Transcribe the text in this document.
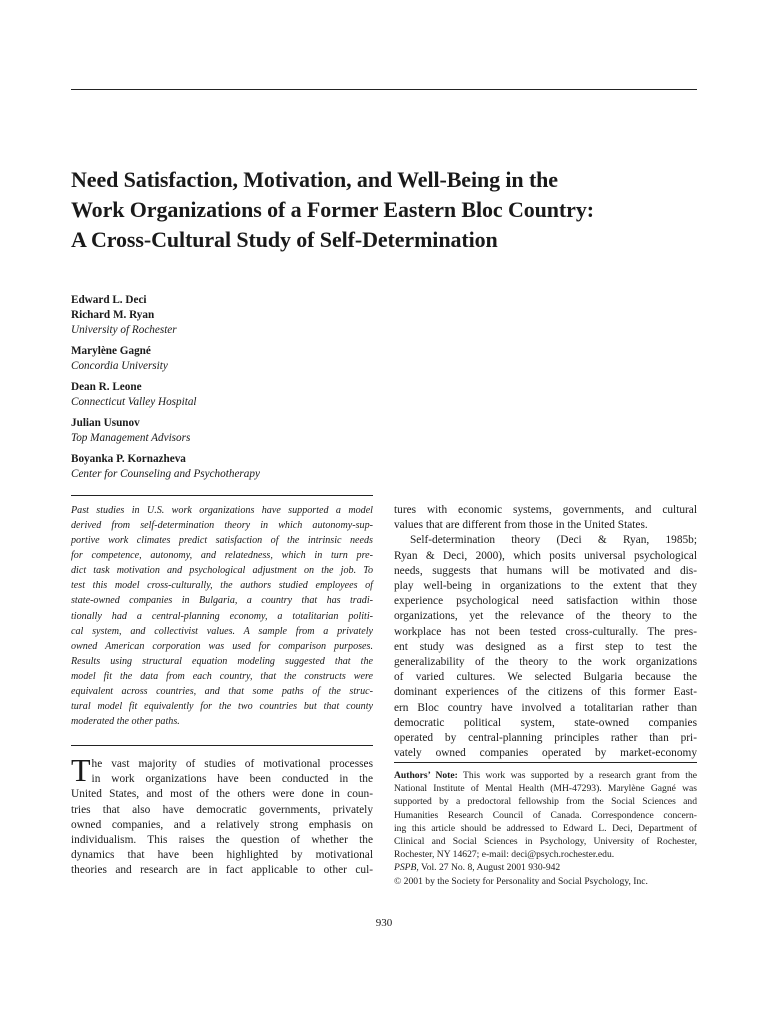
Need Satisfaction, Motivation, and Well-Being in the
Work Organizations of a Former Eastern Bloc Country:
A Cross-Cultural Study of Self-Determination
Edward L. Deci
Richard M. Ryan
University of Rochester
Marylène Gagné
Concordia University
Dean R. Leone
Connecticut Valley Hospital
Julian Usunov
Top Management Advisors
Boyanka P. Kornazheva
Center for Counseling and Psychotherapy
Past studies in U.S. work organizations have supported a model
derived from self-determination theory in which autonomy-sup-
portive work climates predict satisfaction of the intrinsic needs
for competence, autonomy, and relatedness, which in turn pre-
dict task motivation and psychological adjustment on the job. To
test this model cross-culturally, the authors studied employees of
state-owned companies in Bulgaria, a country that has tradi-
tionally had a central-planning economy, a totalitarian politi-
cal system, and collectivist values. A sample from a privately
owned American corporation was used for comparison purposes.
Results using structural equation modeling suggested that the
model fit the data from each country, that the constructs were
equivalent across countries, and that some paths of the struc-
tural model fit equivalently for the two countries but that county
moderated the other paths.
T he vast majority of studies of motivational processes
in work organizations have been conducted in the
United States, and most of the others were done in coun-
tries that also have democratic governments, privately
owned companies, and a relatively strong emphasis on
individualism. This raises the question of whether the
dynamics that have been highlighted by motivational
theories and research are in fact applicable to other cul-

tures with economic systems, governments, and cultural
values that are different from those in the United States.

Self-determination theory (Deci & Ryan, 1985b;
Ryan & Deci, 2000), which posits universal psychological
needs, suggests that humans will be motivated and dis-
play well-being in organizations to the extent that they
experience psychological need satisfaction within those
organizations, yet the relevance of the theory to the
workplace has not been tested cross-culturally. The pres-
ent study was designed as a first step to test the
generalizability of the theory to the work organizations
of varied cultures. We selected Bulgaria because the
dominant experiences of the citizens of this former East-
ern Bloc country have involved a totalitarian rather than
democratic political system, state-owned companies
operated by central-planning principles rather than pri-
vately owned companies operated by market-economy

Authors’ Note: This work was supported by a research grant from the
National Institute of Mental Health (MH-47293). Marylène Gagné was
supported by a predoctoral fellowship from the Social Sciences and
Humanities Research Council of Canada. Correspondence concern-
ing this article should be addressed to Edward L. Deci, Department of
Clinical and Social Sciences in Psychology, University of Rochester,
Rochester, NY 14627; e-mail: deci@psych.rochester.edu.
PSPB, Vol. 27 No. 8, August 2001 930-942
© 2001 by the Society for Personality and Social Psychology, Inc.
930
